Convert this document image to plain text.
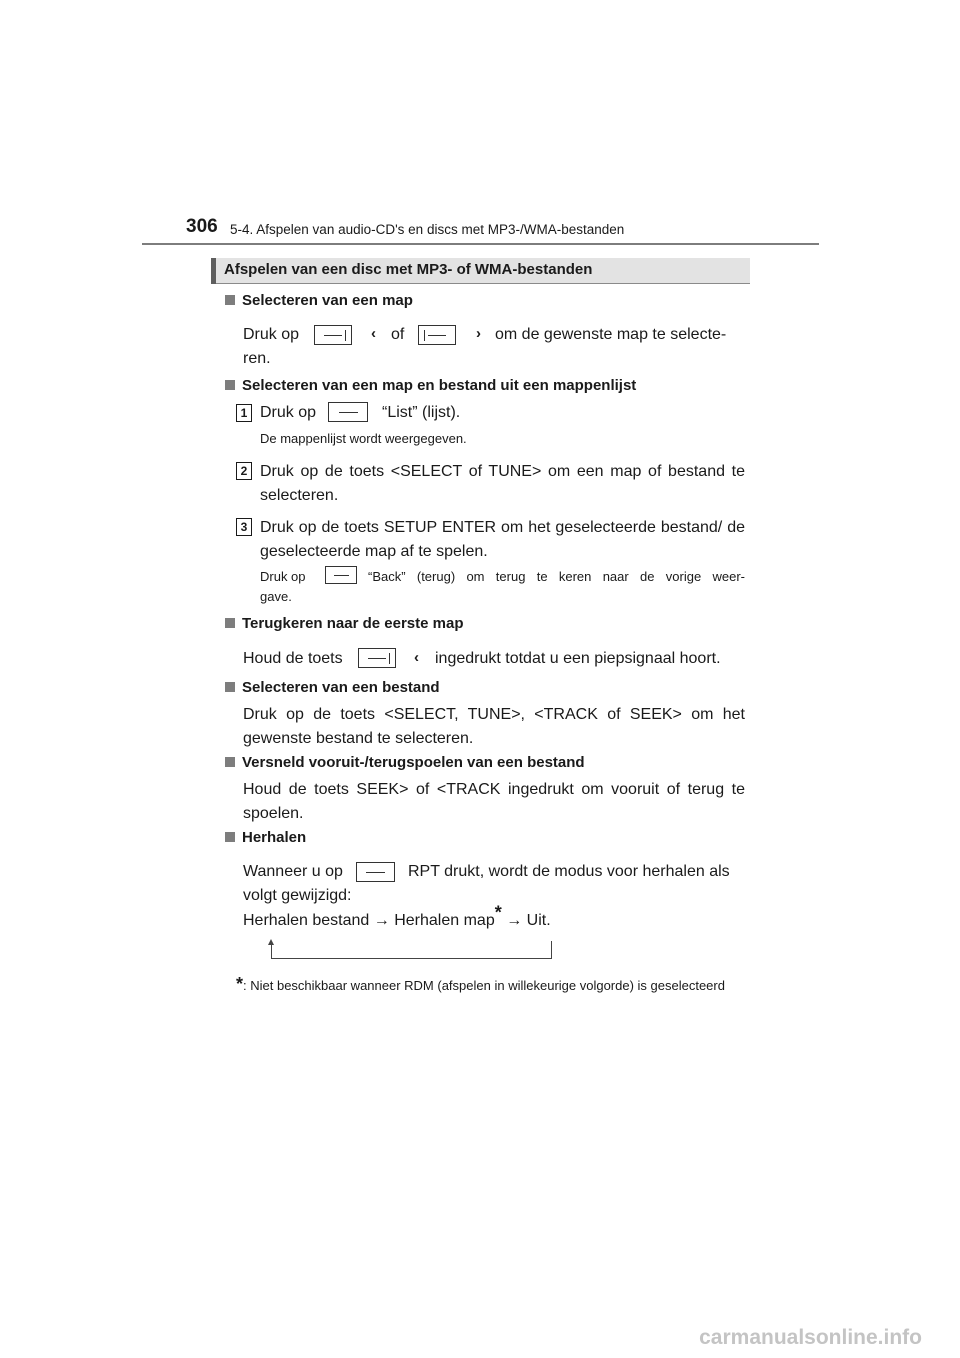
306 5-4. Afspelen van audio-CD's en discs met MP3-/WMA-bestanden
Afspelen van een disc met MP3- of WMA-bestanden
Selecteren van een map
Druk op	‹ of	› om de gewenste map te selecte-
ren.
Selecteren van een map en bestand uit een mappenlijst
1 Druk op	“List” (lijst).
De mappenlijst wordt weergegeven.
2 Druk op de toets <SELECT of TUNE> om een map of bestand te selecteren.
3 Druk op de toets SETUP ENTER om het geselecteerde bestand/ de geselecteerde map af te spelen.
Druk op	“Back” (terug) om terug te keren naar de vorige weer-
gave.
Terugkeren naar de eerste map
Houd de toets	‹ ingedrukt totdat u een piepsignaal hoort.
Selecteren van een bestand
Druk op de toets <SELECT, TUNE>, <TRACK of SEEK> om het gewenste bestand te selecteren.
Versneld vooruit-/terugspoelen van een bestand
Houd de toets SEEK> of <TRACK ingedrukt om vooruit of terug te spoelen.
Herhalen
Wanneer u op	RPT drukt, wordt de modus voor herhalen als
volgt gewijzigd:
Herhalen bestand → Herhalen map* → Uit.
*: Niet beschikbaar wanneer RDM (afspelen in willekeurige volgorde) is geselecteerd
carmanualsonline.info
